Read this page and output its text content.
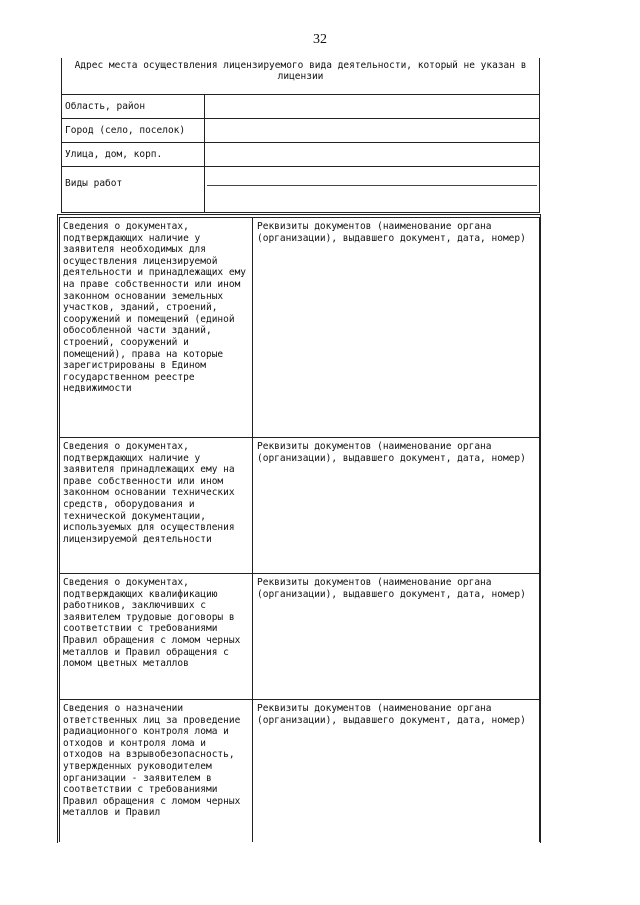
32
Адрес места осуществления лицензируемого вида деятельности, который не указан в лицензии	
Область, район	
Город (село, поселок)	
Улица, дом, корп.	
Виды работ	
Сведения о документах, подтверждающих наличие у заявителя необходимых для осуществления лицензируемой деятельности и принадлежащих ему на праве собственности или ином законном основании земельных участков, зданий, строений, сооружений и помещений (единой обособленной части зданий, строений, сооружений и помещений), права на которые зарегистрированы в Едином государственном реестре недвижимости	Реквизиты документов (наименование органа (организации), выдавшего документ, дата, номер)
Сведения о документах, подтверждающих наличие у заявителя принадлежащих ему на праве собственности или ином законном основании технических средств, оборудования и технической документации, используемых для осуществления лицензируемой деятельности	Реквизиты документов (наименование органа (организации), выдавшего документ, дата, номер)
Сведения о документах, подтверждающих квалификацию работников, заключивших с заявителем трудовые договоры в соответствии с требованиями Правил обращения с ломом черных металлов и Правил обращения с ломом цветных металлов	Реквизиты документов (наименование органа (организации), выдавшего документ, дата, номер)
Сведения о назначении ответственных лиц за проведение радиационного контроля лома и отходов и контроля лома и отходов на взрывобезопасность, утвержденных руководителем организации - заявителем в соответствии с требованиями Правил обращения с ломом черных металлов и Правил	Реквизиты документов (наименование органа (организации), выдавшего документ, дата, номер)
